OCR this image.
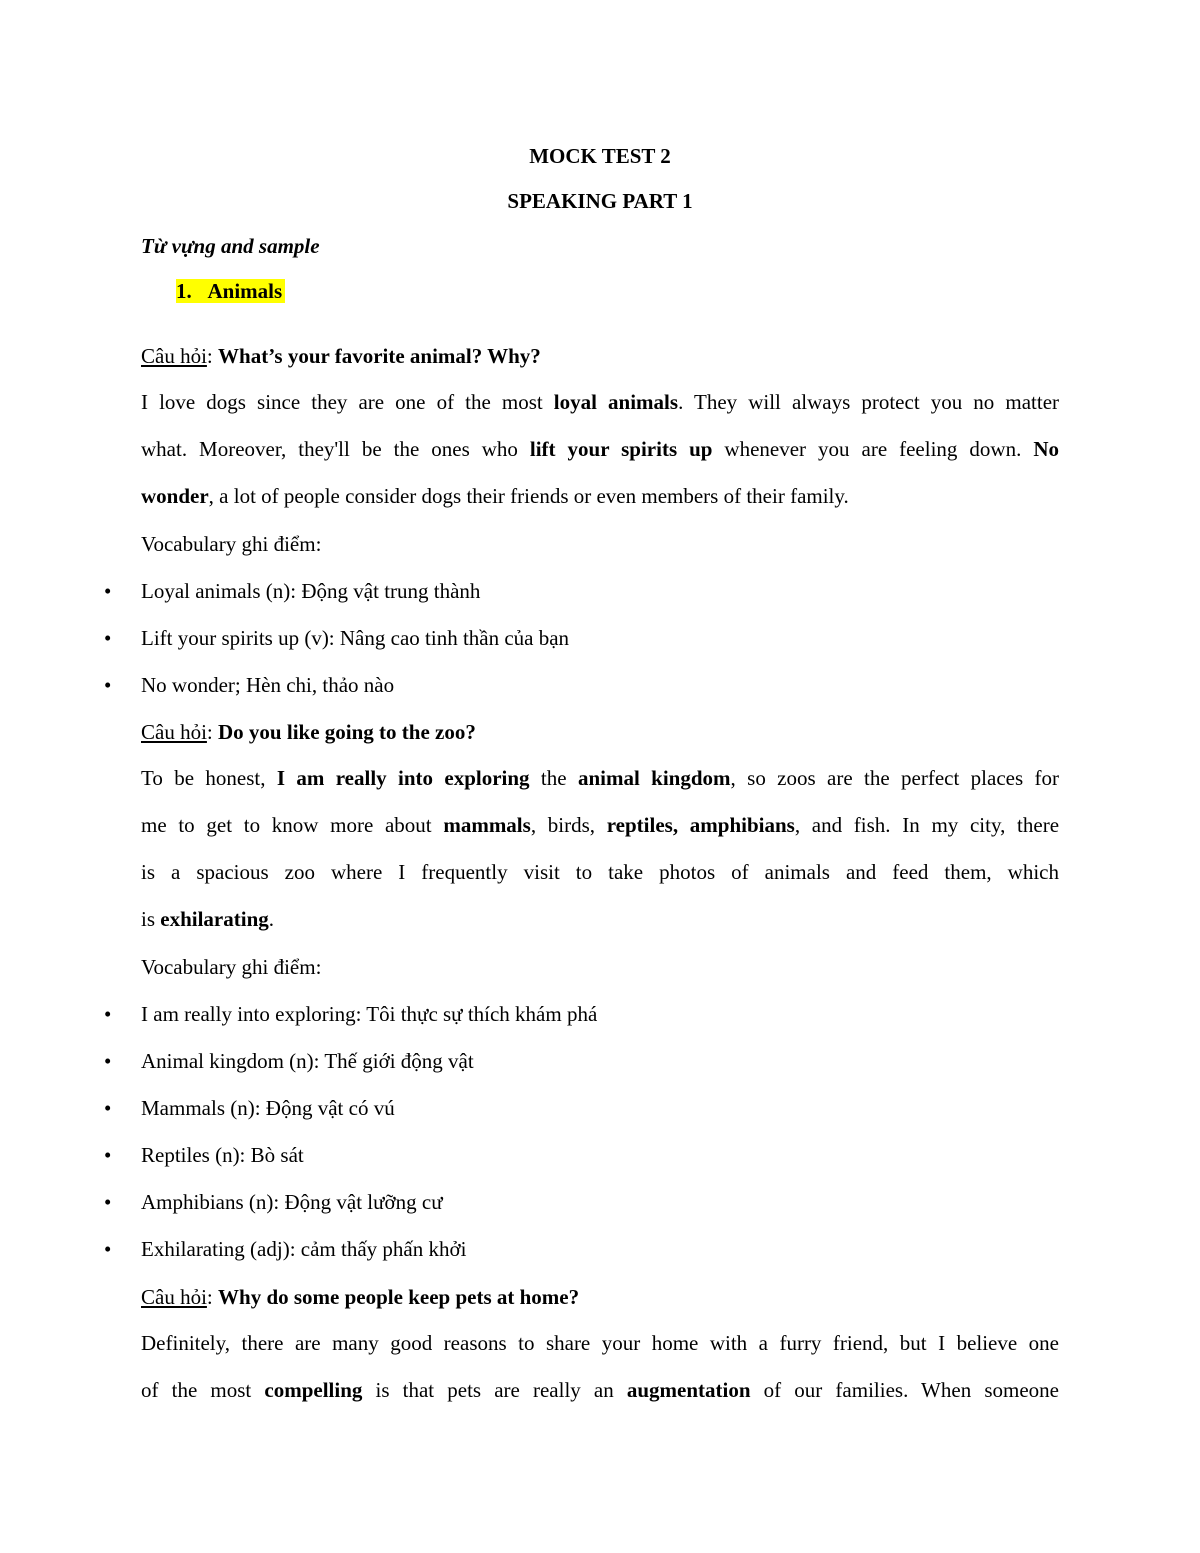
MOCK TEST 2
SPEAKING PART 1
Từ vựng and sample
1. Animals
Câu hỏi: What’s your favorite animal? Why?
I love dogs since they are one of the most loyal animals. They will always protect you no matter
what. Moreover, they'll be the ones who lift your spirits up whenever you are feeling down. No
wonder, a lot of people consider dogs their friends or even members of their family.
Vocabulary ghi điểm:
•	Loyal animals (n): Động vật trung thành
•	Lift your spirits up (v): Nâng cao tinh thần của bạn
•	No wonder; Hèn chi, thảo nào
Câu hỏi: Do you like going to the zoo?
To be honest, I am really into exploring the animal kingdom, so zoos are the perfect places for
me to get to know more about mammals, birds, reptiles, amphibians, and fish. In my city, there
is a spacious zoo where I frequently visit to take photos of animals and feed them, which
is exhilarating.
Vocabulary ghi điểm:
•	I am really into exploring: Tôi thực sự thích khám phá
•	Animal kingdom (n): Thế giới động vật
•	Mammals (n): Động vật có vú
•	Reptiles (n): Bò sát
•	Amphibians (n): Động vật lưỡng cư
•	Exhilarating (adj): cảm thấy phấn khởi
Câu hỏi: Why do some people keep pets at home?
Definitely, there are many good reasons to share your home with a furry friend, but I believe one
of the most compelling is that pets are really an augmentation of our families. When someone
